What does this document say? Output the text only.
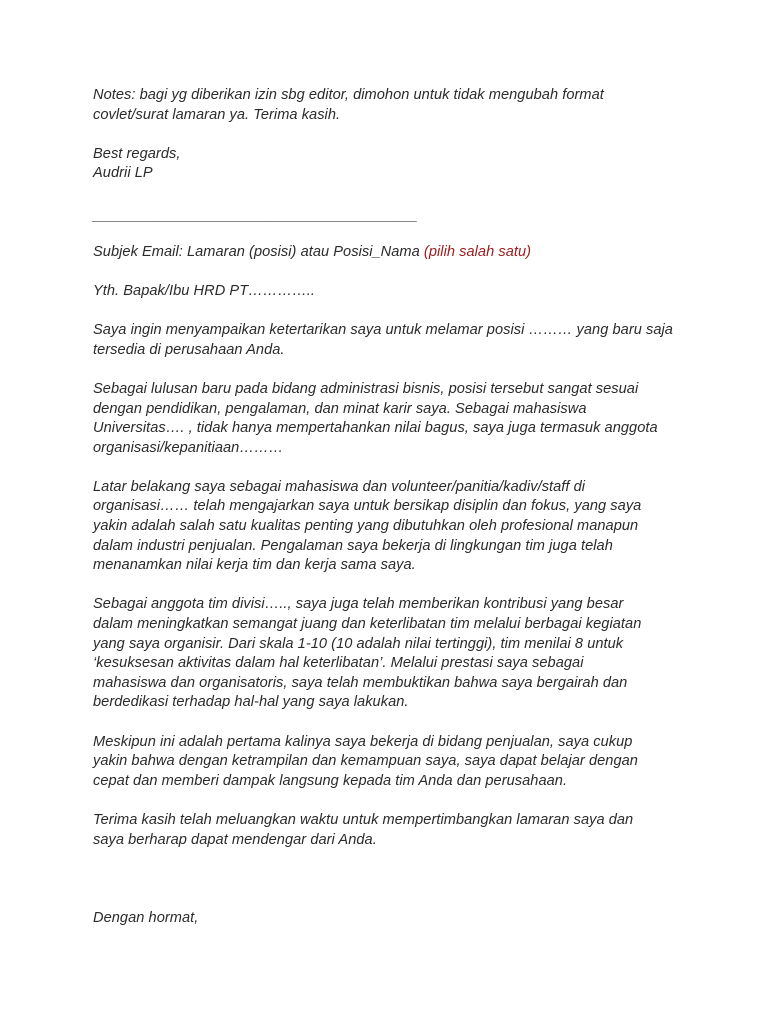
Notes: bagi yg diberikan izin sbg editor, dimohon untuk tidak mengubah format
covlet/surat lamaran ya. Terima kasih.
Best regards,
Audrii LP
________________________________________
Subjek Email: Lamaran (posisi) atau Posisi_Nama (pilih salah satu)
Yth. Bapak/Ibu HRD PT…………..
Saya ingin menyampaikan ketertarikan saya untuk melamar posisi ……… yang baru saja
tersedia di perusahaan Anda.
Sebagai lulusan baru pada bidang administrasi bisnis, posisi tersebut sangat sesuai
dengan pendidikan, pengalaman, dan minat karir saya. Sebagai mahasiswa
Universitas…. , tidak hanya mempertahankan nilai bagus, saya juga termasuk anggota
organisasi/kepanitiaan………
Latar belakang saya sebagai mahasiswa dan volunteer/panitia/kadiv/staff di
organisasi…… telah mengajarkan saya untuk bersikap disiplin dan fokus, yang saya
yakin adalah salah satu kualitas penting yang dibutuhkan oleh profesional manapun
dalam industri penjualan. Pengalaman saya bekerja di lingkungan tim juga telah
menanamkan nilai kerja tim dan kerja sama saya.
Sebagai anggota tim divisi….., saya juga telah memberikan kontribusi yang besar
dalam meningkatkan semangat juang dan keterlibatan tim melalui berbagai kegiatan
yang saya organisir. Dari skala 1-10 (10 adalah nilai tertinggi), tim menilai 8 untuk
‘kesuksesan aktivitas dalam hal keterlibatan’. Melalui prestasi saya sebagai
mahasiswa dan organisatoris, saya telah membuktikan bahwa saya bergairah dan
berdedikasi terhadap hal-hal yang saya lakukan.
Meskipun ini adalah pertama kalinya saya bekerja di bidang penjualan, saya cukup
yakin bahwa dengan ketrampilan dan kemampuan saya, saya dapat belajar dengan
cepat dan memberi dampak langsung kepada tim Anda dan perusahaan.
Terima kasih telah meluangkan waktu untuk mempertimbangkan lamaran saya dan
saya berharap dapat mendengar dari Anda.
Dengan hormat,
